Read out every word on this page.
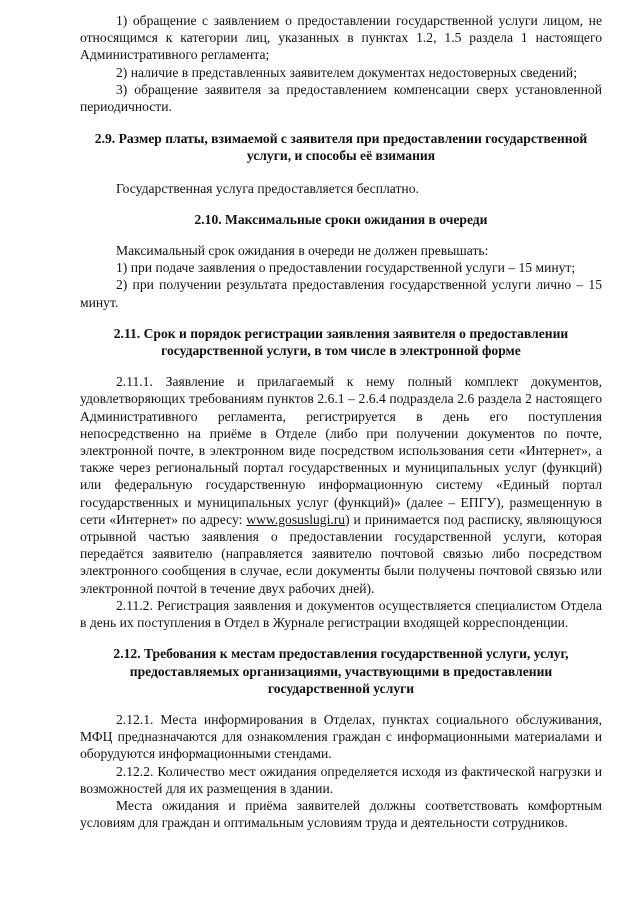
1) обращение с заявлением о предоставлении государственной услуги лицом, не относящимся к категории лиц, указанных в пунктах 1.2, 1.5 раздела 1 настоящего Административного регламента;

2) наличие в представленных заявителем документах недостоверных сведений;

3) обращение заявителя за предоставлением компенсации сверх установленной периодичности.

2.9. Размер платы, взимаемой с заявителя при предоставлении государственной услуги, и способы её взимания

Государственная услуга предоставляется бесплатно.

2.10. Максимальные сроки ожидания в очереди

Максимальный срок ожидания в очереди не должен превышать:

1) при подаче заявления о предоставлении государственной услуги – 15 минут;

2) при получении результата предоставления государственной услуги лично – 15 минут.

2.11. Срок и порядок регистрации заявления заявителя о предоставлении государственной услуги, в том числе в электронной форме

2.11.1. Заявление и прилагаемый к нему полный комплект документов, удовлетворяющих требованиям пунктов 2.6.1 – 2.6.4 подраздела 2.6 раздела 2 настоящего Административного регламента, регистрируется в день его поступления непосредственно на приёме в Отделе (либо при получении документов по почте, электронной почте, в электронном виде посредством использования сети «Интернет», а также через региональный портал государственных и муниципальных услуг (функций) или федеральную государственную информационную систему «Единый портал государственных и муниципальных услуг (функций)» (далее – ЕПГУ), размещенную в сети «Интернет» по адресу: www.gosuslugi.ru) и принимается под расписку, являющуюся отрывной частью заявления о предоставлении государственной услуги, которая передаётся заявителю (направляется заявителю почтовой связью либо посредством электронного сообщения в случае, если документы были получены почтовой связью или электронной почтой в течение двух рабочих дней).

2.11.2. Регистрация заявления и документов осуществляется специалистом Отдела в день их поступления в Отдел в Журнале регистрации входящей корреспонденции.

2.12. Требования к местам предоставления государственной услуги, услуг, предоставляемых организациями, участвующими в предоставлении государственной услуги

2.12.1. Места информирования в Отделах, пунктах социального обслуживания, МФЦ предназначаются для ознакомления граждан с информационными материалами и оборудуются информационными стендами.

2.12.2. Количество мест ожидания определяется исходя из фактической нагрузки и возможностей для их размещения в здании.

Места ожидания и приёма заявителей должны соответствовать комфортным условиям для граждан и оптимальным условиям труда и деятельности сотрудников.
